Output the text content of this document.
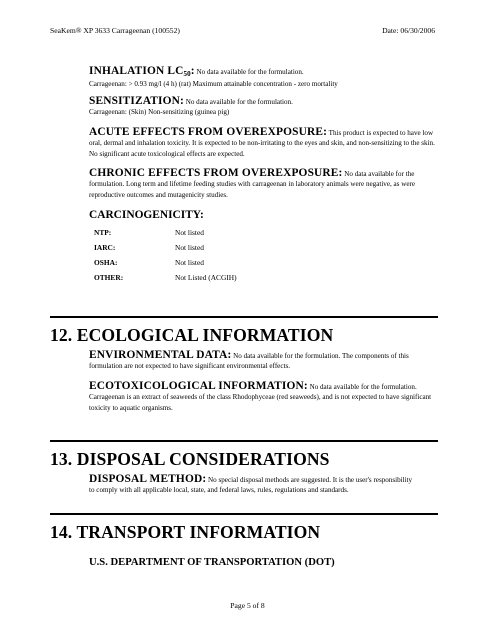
SeaKem® XP 3633 Carrageenan (100552)	Date: 06/30/2006

INHALATION $LC_{50}$: No data available for the formulation.

Carrageenan: > 0.93 mg/l (4 h) (rat) Maximum attainable concentration - zero mortality

SENSITIZATION: No data available for the formulation.

Carrageenan: (Skin) Non-sensitizing (guinea pig)

ACUTE EFFECTS FROM OVEREXPOSURE: This product is expected to have low

oral, dermal and inhalation toxicity. It is expected to be non-irritating to the eyes and skin, and non-sensitizing to the skin. No significant acute toxicological effects are expected.

CHRONIC EFFECTS FROM OVEREXPOSURE: No data available for the

formulation. Long term and lifetime feeding studies with carrageenan in laboratory animals were negative, as were reproductive outcomes and mutagenicity studies.

CARCINOGENICITY:
NTP:	Not listed
IARC:	Not listed
OSHA:	Not listed
OTHER:	Not Listed (ACGIH)
12. ECOLOGICAL INFORMATION

ENVIRONMENTAL DATA: No data available for the formulation. The components of this

formulation are not expected to have significant environmental effects.

ECOTOXICOLOGICAL INFORMATION: No data available for the formulation.

Carrageenan is an extract of seaweeds of the class Rhodophyceae (red seaweeds), and is not expected to have significant toxicity to aquatic organisms.

13. DISPOSAL CONSIDERATIONS

DISPOSAL METHOD: No special disposal methods are suggested. It is the user's responsibility

to comply with all applicable local, state, and federal laws, rules, regulations and standards.

14. TRANSPORT INFORMATION
U.S. DEPARTMENT OF TRANSPORTATION (DOT)
Page 5 of 8
